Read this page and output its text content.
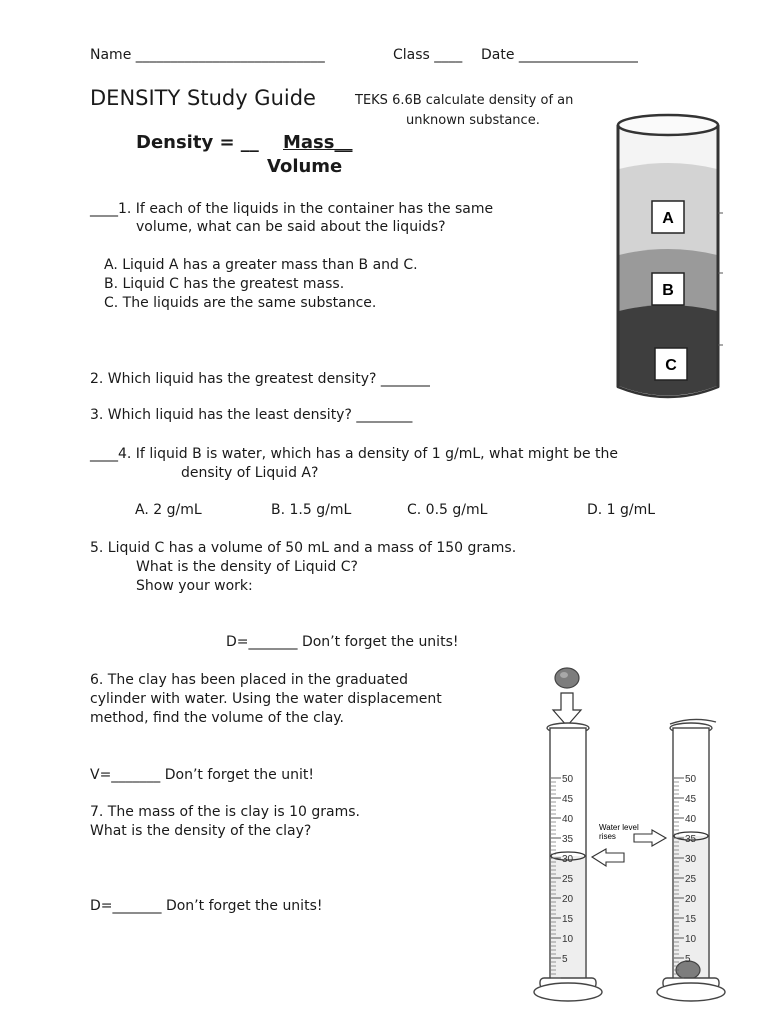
Name ___________________________	Class ____ Date _________________
DENSITY Study Guide	TEKS 6.6B calculate density of an
unknown substance.
Density = __ Mass__
Volume
____1. If each of the liquids in the container has the same
volume, what can be said about the liquids?
A. Liquid A has a greater mass than B and C.
B. Liquid C has the greatest mass.
C. The liquids are the same substance.
2. Which liquid has the greatest density? _______
3. Which liquid has the least density? ________
____4. If liquid B is water, which has a density of 1 g/mL, what might be the
density of Liquid A?
A. 2 g/mL	B. 1.5 g/mL	C. 0.5 g/mL	D. 1 g/mL
5. Liquid C has a volume of 50 mL and a mass of 150 grams.
What is the density of Liquid C?
Show your work:
D=_______ Don’t forget the units!
6. The clay has been placed in the graduated
cylinder with water. Using the water displacement
method, find the volume of the clay.
V=_______ Don’t forget the unit!
7. The mass of the is clay is 10 grams.
What is the density of the clay?
D=_______ Don’t forget the units!
A
B
C
50
45
40
35
30
25
20
15
10
5
50
45
40
35
30
25
20
15
10
5
Water level
rises
